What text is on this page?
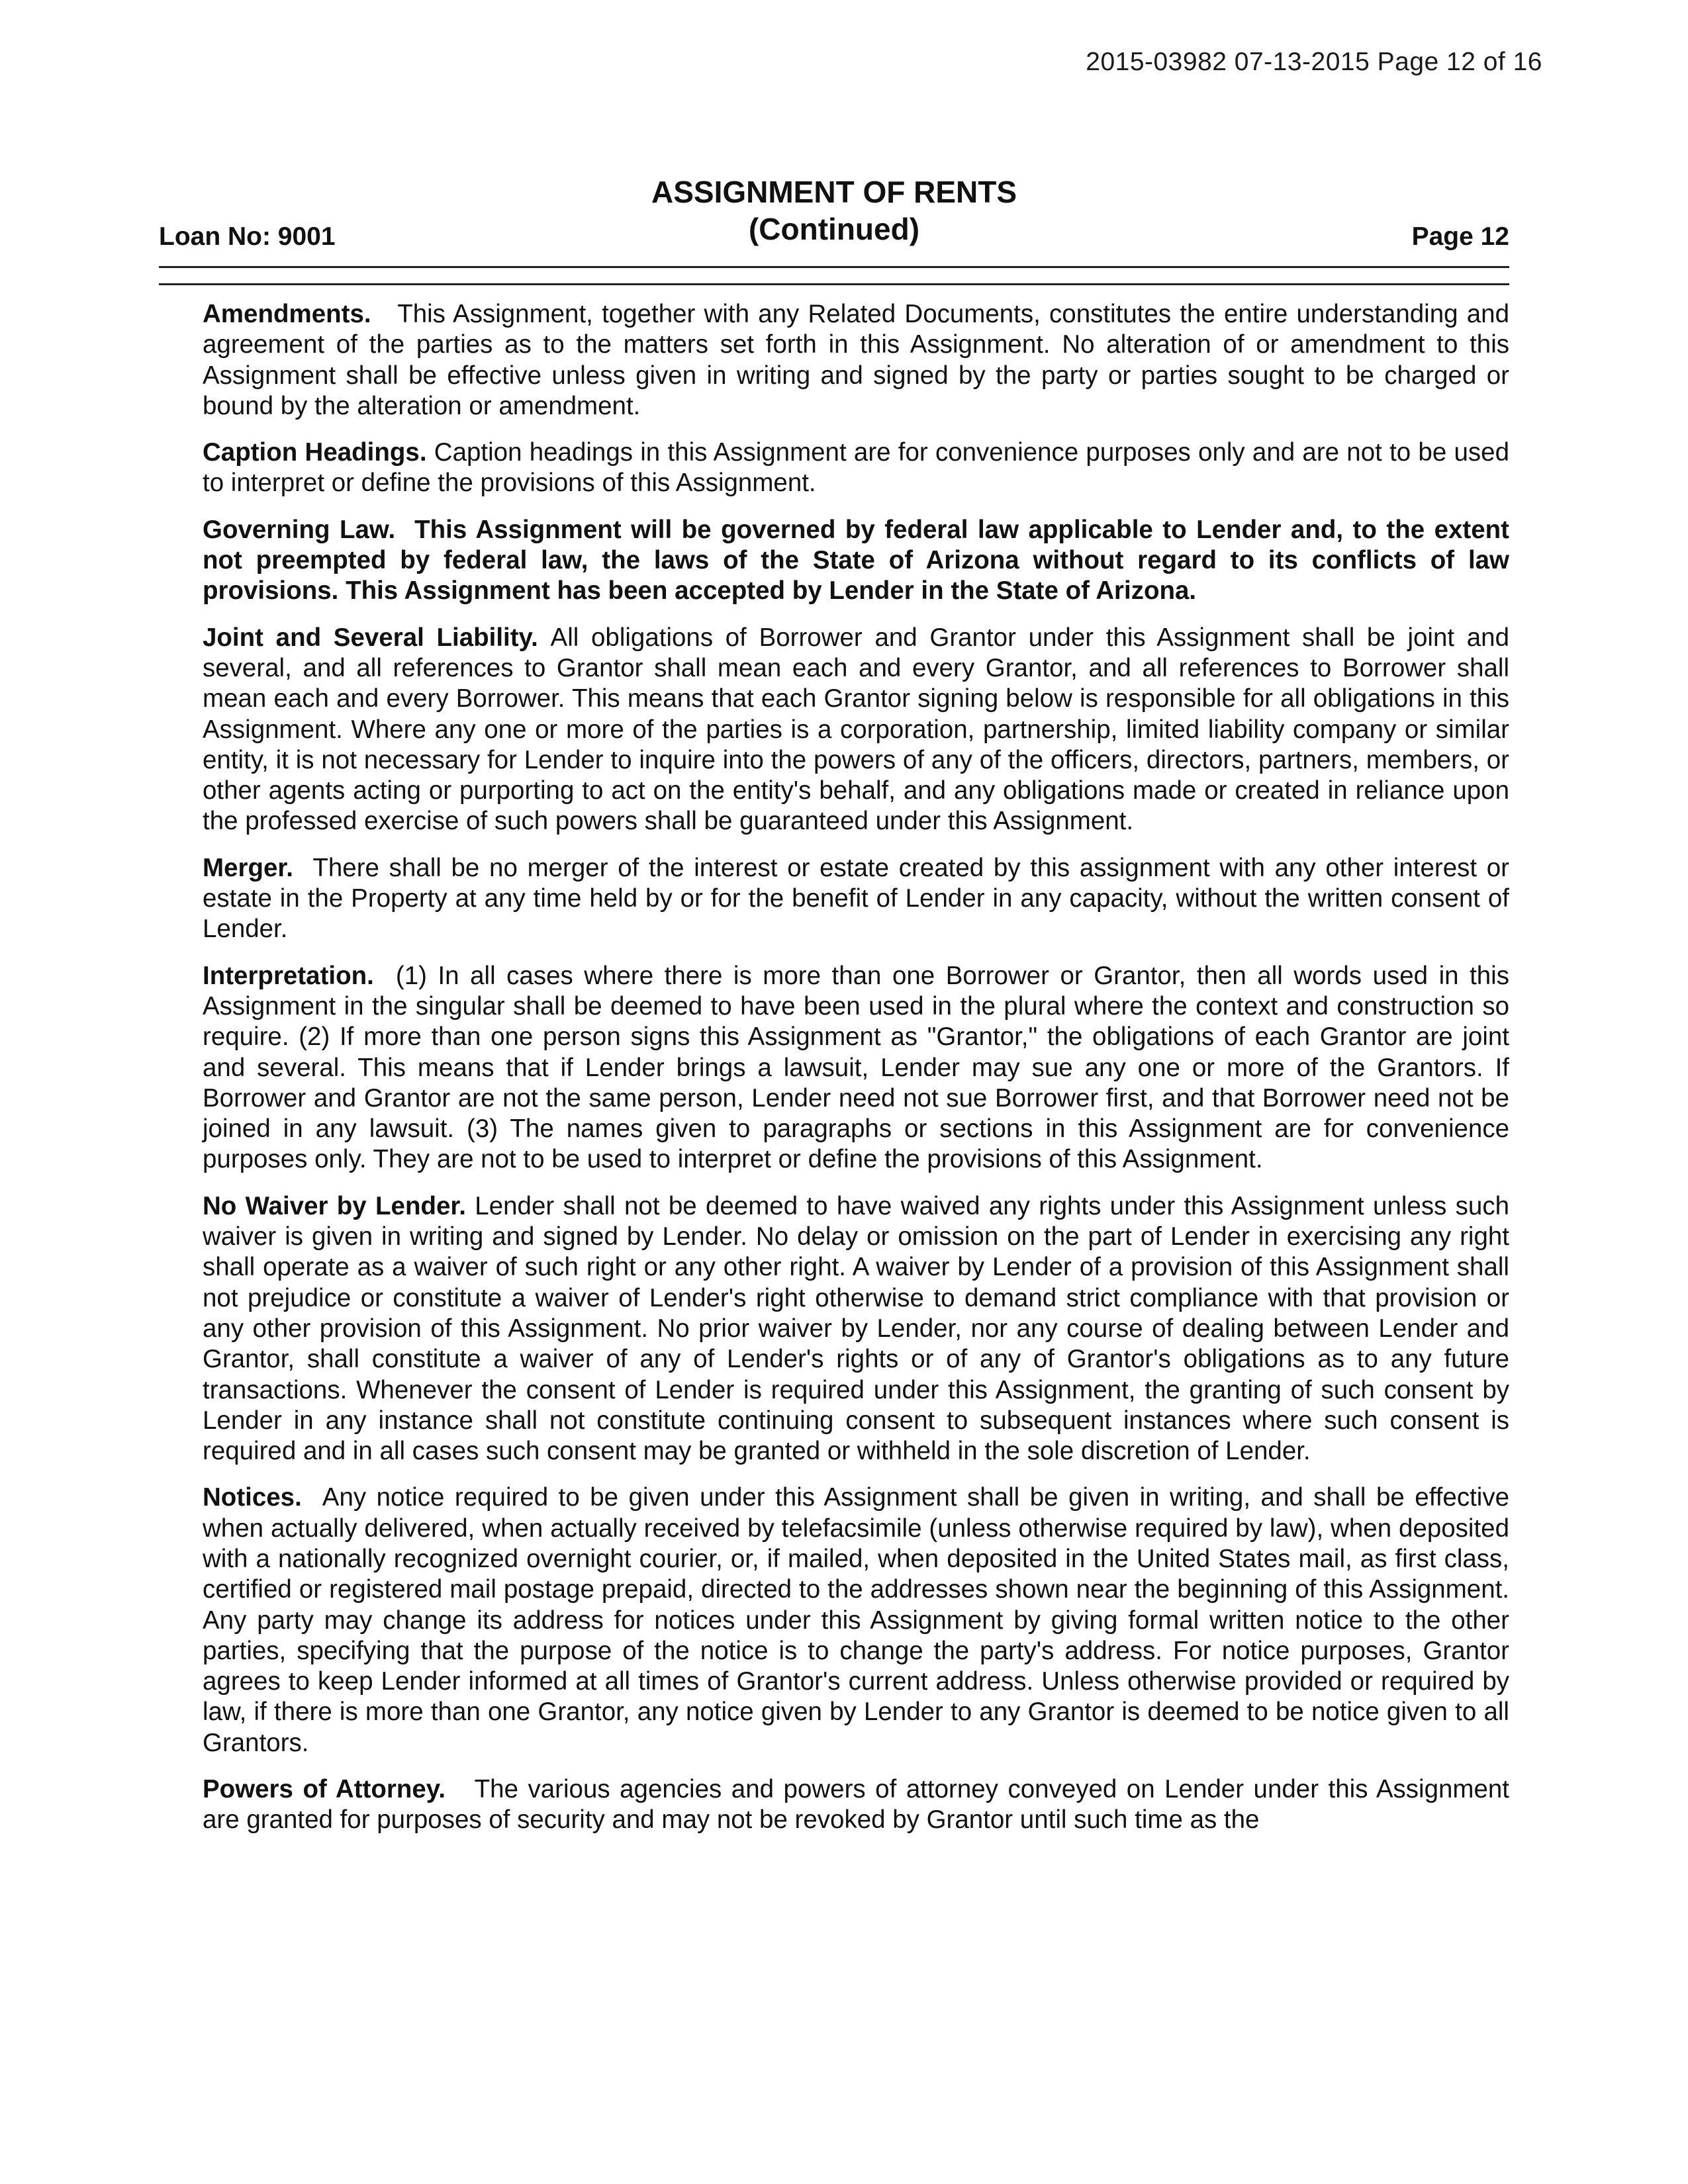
2015-03982 07-13-2015 Page 12 of 16
Loan No: 9001
ASSIGNMENT OF RENTS
(Continued)	Page 12

Amendments. This Assignment, together with any Related Documents, constitutes the entire understanding and agreement of the parties as to the matters set forth in this Assignment. No alteration of or amendment to this Assignment shall be effective unless given in writing and signed by the party or parties sought to be charged or bound by the alteration or amendment.

Caption Headings. Caption headings in this Assignment are for convenience purposes only and are not to be used to interpret or define the provisions of this Assignment.

Governing Law. This Assignment will be governed by federal law applicable to Lender and, to the extent not preempted by federal law, the laws of the State of Arizona without regard to its conflicts of law provisions. This Assignment has been accepted by Lender in the State of Arizona.

Joint and Several Liability. All obligations of Borrower and Grantor under this Assignment shall be joint and several, and all references to Grantor shall mean each and every Grantor, and all references to Borrower shall mean each and every Borrower. This means that each Grantor signing below is responsible for all obligations in this Assignment. Where any one or more of the parties is a corporation, partnership, limited liability company or similar entity, it is not necessary for Lender to inquire into the powers of any of the officers, directors, partners, members, or other agents acting or purporting to act on the entity's behalf, and any obligations made or created in reliance upon the professed exercise of such powers shall be guaranteed under this Assignment.

Merger. There shall be no merger of the interest or estate created by this assignment with any other interest or estate in the Property at any time held by or for the benefit of Lender in any capacity, without the written consent of Lender.

Interpretation. (1) In all cases where there is more than one Borrower or Grantor, then all words used in this Assignment in the singular shall be deemed to have been used in the plural where the context and construction so require. (2) If more than one person signs this Assignment as "Grantor," the obligations of each Grantor are joint and several. This means that if Lender brings a lawsuit, Lender may sue any one or more of the Grantors. If Borrower and Grantor are not the same person, Lender need not sue Borrower first, and that Borrower need not be joined in any lawsuit. (3) The names given to paragraphs or sections in this Assignment are for convenience purposes only. They are not to be used to interpret or define the provisions of this Assignment.

No Waiver by Lender. Lender shall not be deemed to have waived any rights under this Assignment unless such waiver is given in writing and signed by Lender. No delay or omission on the part of Lender in exercising any right shall operate as a waiver of such right or any other right. A waiver by Lender of a provision of this Assignment shall not prejudice or constitute a waiver of Lender's right otherwise to demand strict compliance with that provision or any other provision of this Assignment. No prior waiver by Lender, nor any course of dealing between Lender and Grantor, shall constitute a waiver of any of Lender's rights or of any of Grantor's obligations as to any future transactions. Whenever the consent of Lender is required under this Assignment, the granting of such consent by Lender in any instance shall not constitute continuing consent to subsequent instances where such consent is required and in all cases such consent may be granted or withheld in the sole discretion of Lender.

Notices. Any notice required to be given under this Assignment shall be given in writing, and shall be effective when actually delivered, when actually received by telefacsimile (unless otherwise required by law), when deposited with a nationally recognized overnight courier, or, if mailed, when deposited in the United States mail, as first class, certified or registered mail postage prepaid, directed to the addresses shown near the beginning of this Assignment. Any party may change its address for notices under this Assignment by giving formal written notice to the other parties, specifying that the purpose of the notice is to change the party's address. For notice purposes, Grantor agrees to keep Lender informed at all times of Grantor's current address. Unless otherwise provided or required by law, if there is more than one Grantor, any notice given by Lender to any Grantor is deemed to be notice given to all Grantors.

Powers of Attorney. The various agencies and powers of attorney conveyed on Lender under this Assignment are granted for purposes of security and may not be revoked by Grantor until such time as the
